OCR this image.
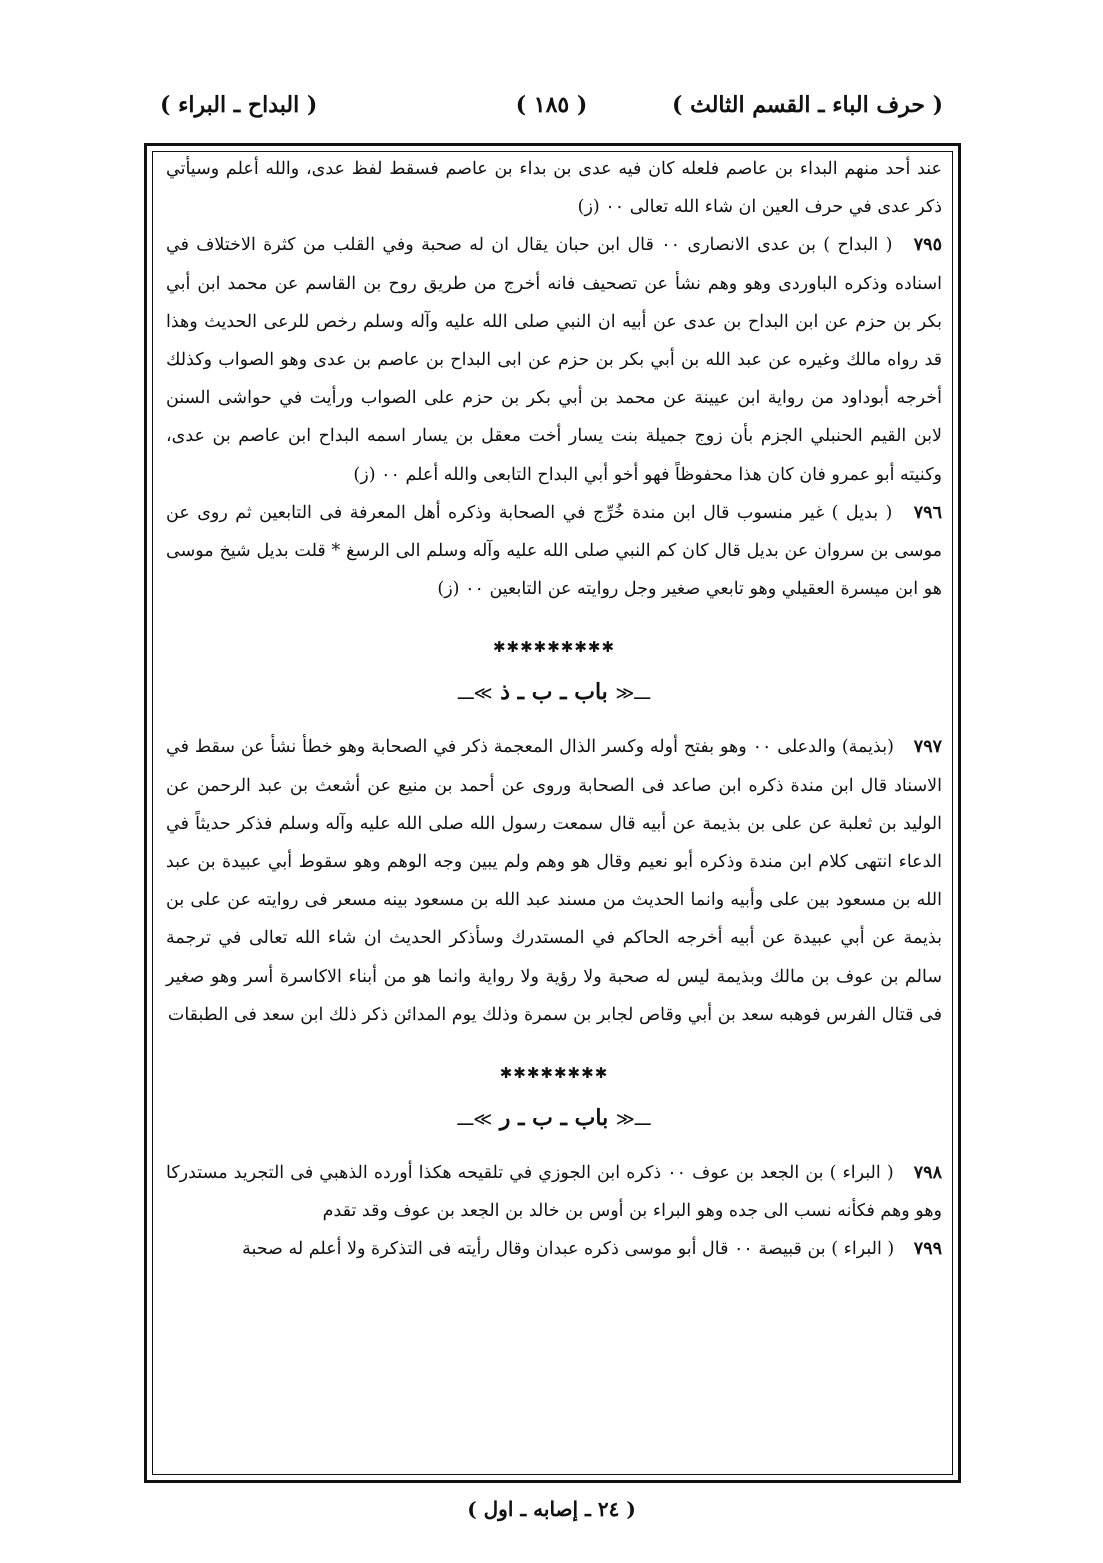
( حرف الباء ـ القسم الثالث )
( ١٨٥ )
( البداح ـ البراء )

عند أحد منهم البداء بن عاصم فلعله كان فيه عدى بن بداء بن عاصم فسقط لفظ عدى، والله أعلم وسيأتي ذكر عدى في حرف العين ان شاء الله تعالى ٠٠ (ز)

٧٩٥ ( البداح ) بن عدى الانصارى ٠٠ قال ابن حبان يقال ان له صحبة وفي القلب من كثرة الاختلاف في اسناده وذكره الباوردى وهو وهم نشأ عن تصحيف فانه أخرج من طريق روح بن القاسم عن محمد ابن أبي بكر بن حزم عن ابن البداح بن عدى عن أبيه ان النبي صلى الله عليه وآله وسلم رخص للرعى الحديث وهذا قد رواه مالك وغيره عن عبد الله بن أبي بكر بن حزم عن ابى البداح بن عاصم بن عدى وهو الصواب وكذلك أخرجه أبوداود من رواية ابن عيينة عن محمد بن أبي بكر بن حزم على الصواب ورأيت في حواشى السنن لابن القيم الحنبلي الجزم بأن زوج جميلة بنت يسار أخت معقل بن يسار اسمه البداح ابن عاصم بن عدى، وكنيته أبو عمرو فان كان هذا محفوظاً فهو أخو أبي البداح التابعى والله أعلم ٠٠ (ز)

٧٩٦ ( بديل ) غير منسوب قال ابن مندة خُرِّج في الصحابة وذكره أهل المعرفة فى التابعين ثم روى عن موسى بن سروان عن بديل قال كان كم النبي صلى الله عليه وآله وسلم الى الرسغ * قلت بديل شيخ موسى هو ابن ميسرة العقيلي وهو تابعي صغير وجل روايته عن التابعين ٠٠ (ز)

✱✱✱✱✱✱✱✱✱
ـــ≪ باب ـ ب ـ ذ ≫ـــ

٧٩٧ (بذيمة) والدعلى ٠٠ وهو بفتح أوله وكسر الذال المعجمة ذكر في الصحابة وهو خطأ نشأ عن سقط في الاسناد قال ابن مندة ذكره ابن صاعد فى الصحابة وروى عن أحمد بن منيع عن أشعث بن عبد الرحمن عن الوليد بن ثعلبة عن على بن بذيمة عن أبيه قال سمعت رسول الله صلى الله عليه وآله وسلم فذكر حديثاً في الدعاء انتهى كلام ابن مندة وذكره أبو نعيم وقال هو وهم ولم يبين وجه الوهم وهو سقوط أبي عبيدة بن عبد الله بن مسعود بين على وأبيه وانما الحديث من مسند عبد الله بن مسعود بينه مسعر فى روايته عن على بن بذيمة عن أبي عبيدة عن أبيه أخرجه الحاكم في المستدرك وسأذكر الحديث ان شاء الله تعالى في ترجمة سالم بن عوف بن مالك وبذيمة ليس له صحبة ولا رؤية ولا رواية وانما هو من أبناء الاكاسرة أسر وهو صغير فى قتال الفرس فوهبه سعد بن أبي وقاص لجابر بن سمرة وذلك يوم المدائن ذكر ذلك ابن سعد فى الطبقات

✱✱✱✱✱✱✱✱
ـــ≪ باب ـ ب ـ ر ≫ـــ

٧٩٨ ( البراء ) بن الجعد بن عوف ٠٠ ذكره ابن الجوزي في تلقيحه هكذا أورده الذهبي فى التجريد مستدركا وهو وهم فكأنه نسب الى جده وهو البراء بن أوس بن خالد بن الجعد بن عوف وقد تقدم

٧٩٩ ( البراء ) بن قبيصة ٠٠ قال أبو موسى ذكره عبدان وقال رأيته فى التذكرة ولا أعلم له صحبة

( ٢٤ ـ إصابه ـ اول )
